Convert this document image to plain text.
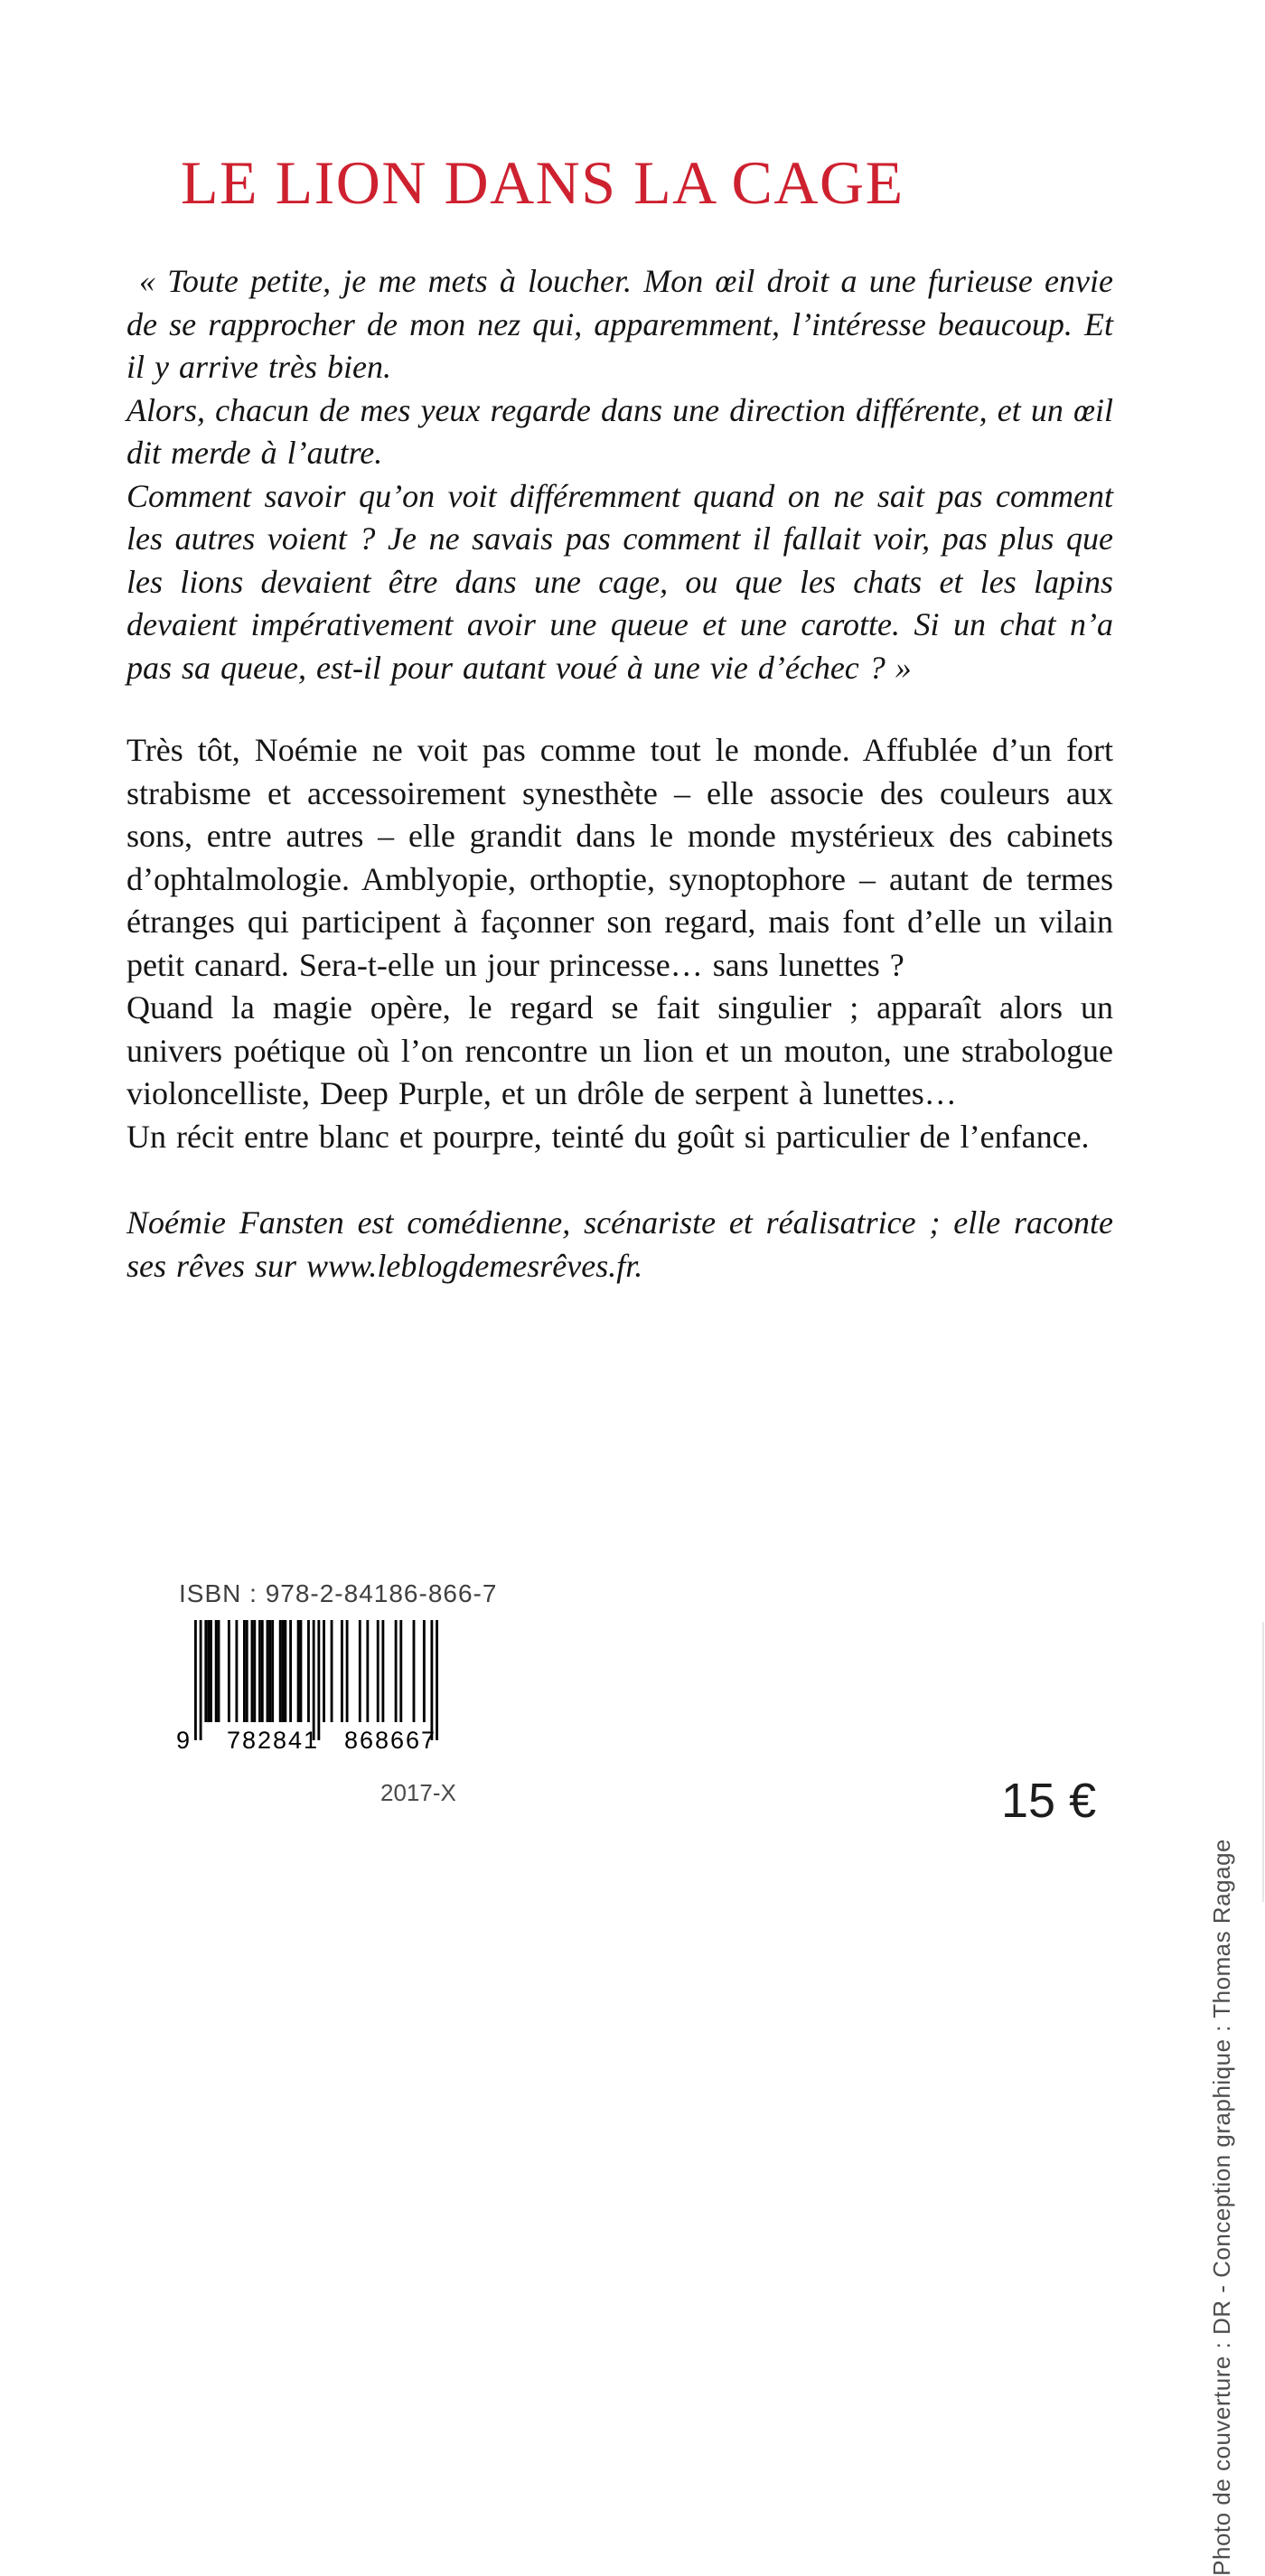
LE LION DANS LA CAGE

« Toute petite, je me mets à loucher. Mon œil droit a une furieuse envie de se rapprocher de mon nez qui, apparemment, l’intéresse beaucoup. Et il y arrive très bien.

Alors, chacun de mes yeux regarde dans une direction différente, et un œil dit merde à l’autre.

Comment savoir qu’on voit différemment quand on ne sait pas comment les autres voient ? Je ne savais pas comment il fallait voir, pas plus que les lions devaient être dans une cage, ou que les chats et les lapins devaient impérativement avoir une queue et une carotte. Si un chat n’a pas sa queue, est-il pour autant voué à une vie d’échec ? »

Très tôt, Noémie ne voit pas comme tout le monde. Affublée d’un fort strabisme et accessoirement synesthète – elle associe des couleurs aux sons, entre autres – elle grandit dans le monde mystérieux des cabinets d’ophtalmologie. Amblyopie, orthoptie, synoptophore – autant de termes étranges qui participent à façonner son regard, mais font d’elle un vilain petit canard. Sera-t-elle un jour princesse… sans lunettes ?

Quand la magie opère, le regard se fait singulier ; apparaît alors un univers poétique où l’on rencontre un lion et un mouton, une strabologue violoncelliste, Deep Purple, et un drôle de serpent à lunettes…

Un récit entre blanc et pourpre, teinté du goût si particulier de l’enfance.

Noémie Fansten est comédienne, scénariste et réalisatrice ; elle raconte ses rêves sur www.leblogdemesrêves.fr.

ISBN : 978-2-84186-866-7
9 782841 868667
2017-X	15 €
Photo de couverture : DR - Conception graphique : Thomas Ragage
